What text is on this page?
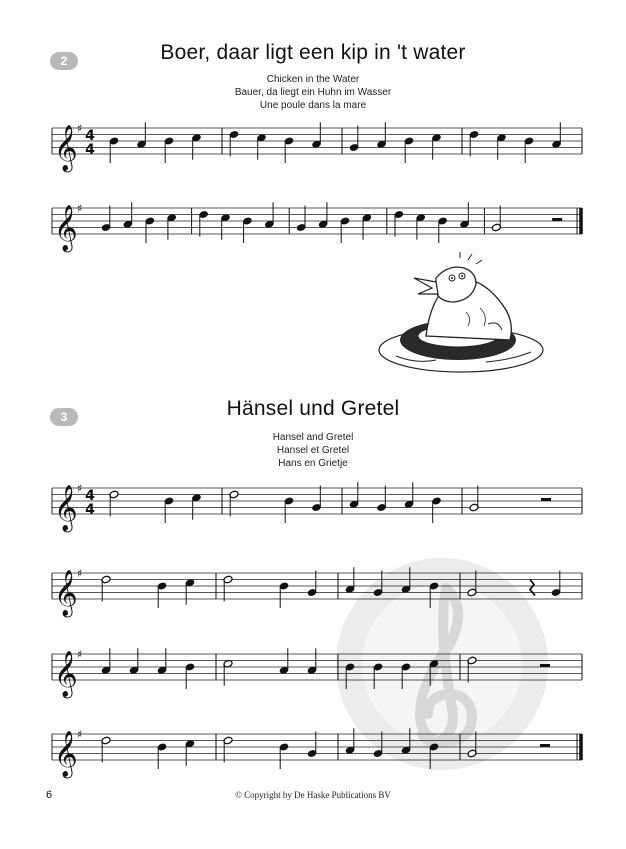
2	Boer, daar ligt een kip in 't water
Chicken in the Water
Bauer, da liegt ein Huhn im Wasser
Une poule dans la mare
𝄞 ♯ 4
4
𝄞 ♯
3	Hänsel und Gretel
Hansel and Gretel
Hansel et Gretel
Hans en Grietje
𝄞 ♯ 4
4
𝄞 ♯
𝄞 ♯
𝄞 ♯
6	© Copyright by De Haske Publications BV
